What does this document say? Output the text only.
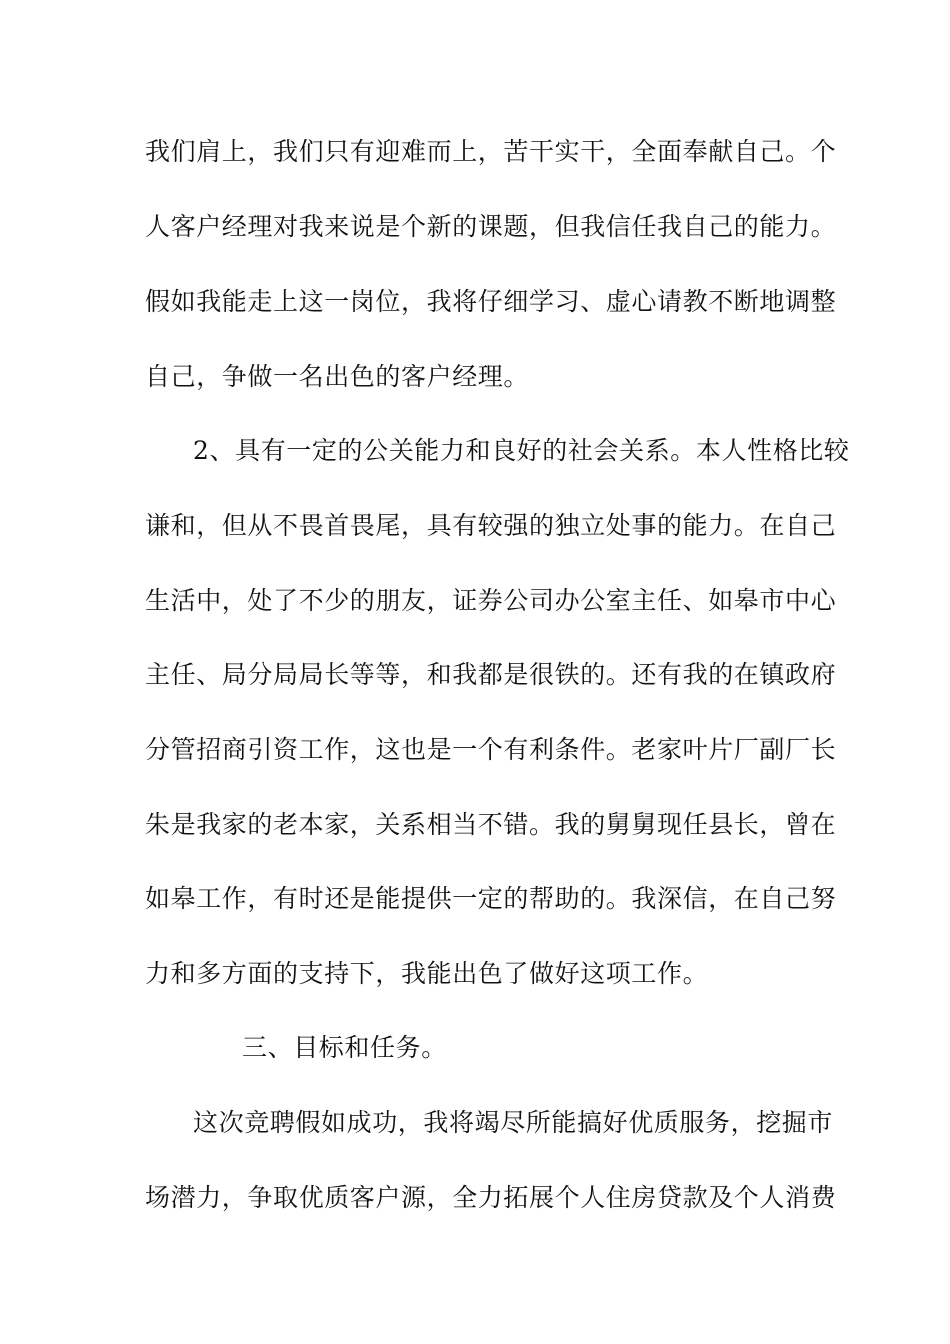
我们肩上，我们只有迎难而上，苦干实干，全面奉献自己。个
人客户经理对我来说是个新的课题，但我信任我自己的能力。
假如我能走上这一岗位，我将仔细学习、虚心请教不断地调整
自己，争做一名出色的客户经理。
2、具有一定的公关能力和良好的社会关系。本人性格比较
谦和，但从不畏首畏尾，具有较强的独立处事的能力。在自己
生活中，处了不少的朋友，证券公司办公室主任、如皋市中心
主任、局分局局长等等，和我都是很铁的。还有我的在镇政府
分管招商引资工作，这也是一个有利条件。老家叶片厂副厂长
朱是我家的老本家，关系相当不错。我的舅舅现任县长，曾在
如皋工作，有时还是能提供一定的帮助的。我深信，在自己努
力和多方面的支持下，我能出色了做好这项工作。
三、目标和任务。
这次竞聘假如成功，我将竭尽所能搞好优质服务，挖掘市
场潜力，争取优质客户源，全力拓展个人住房贷款及个人消费
